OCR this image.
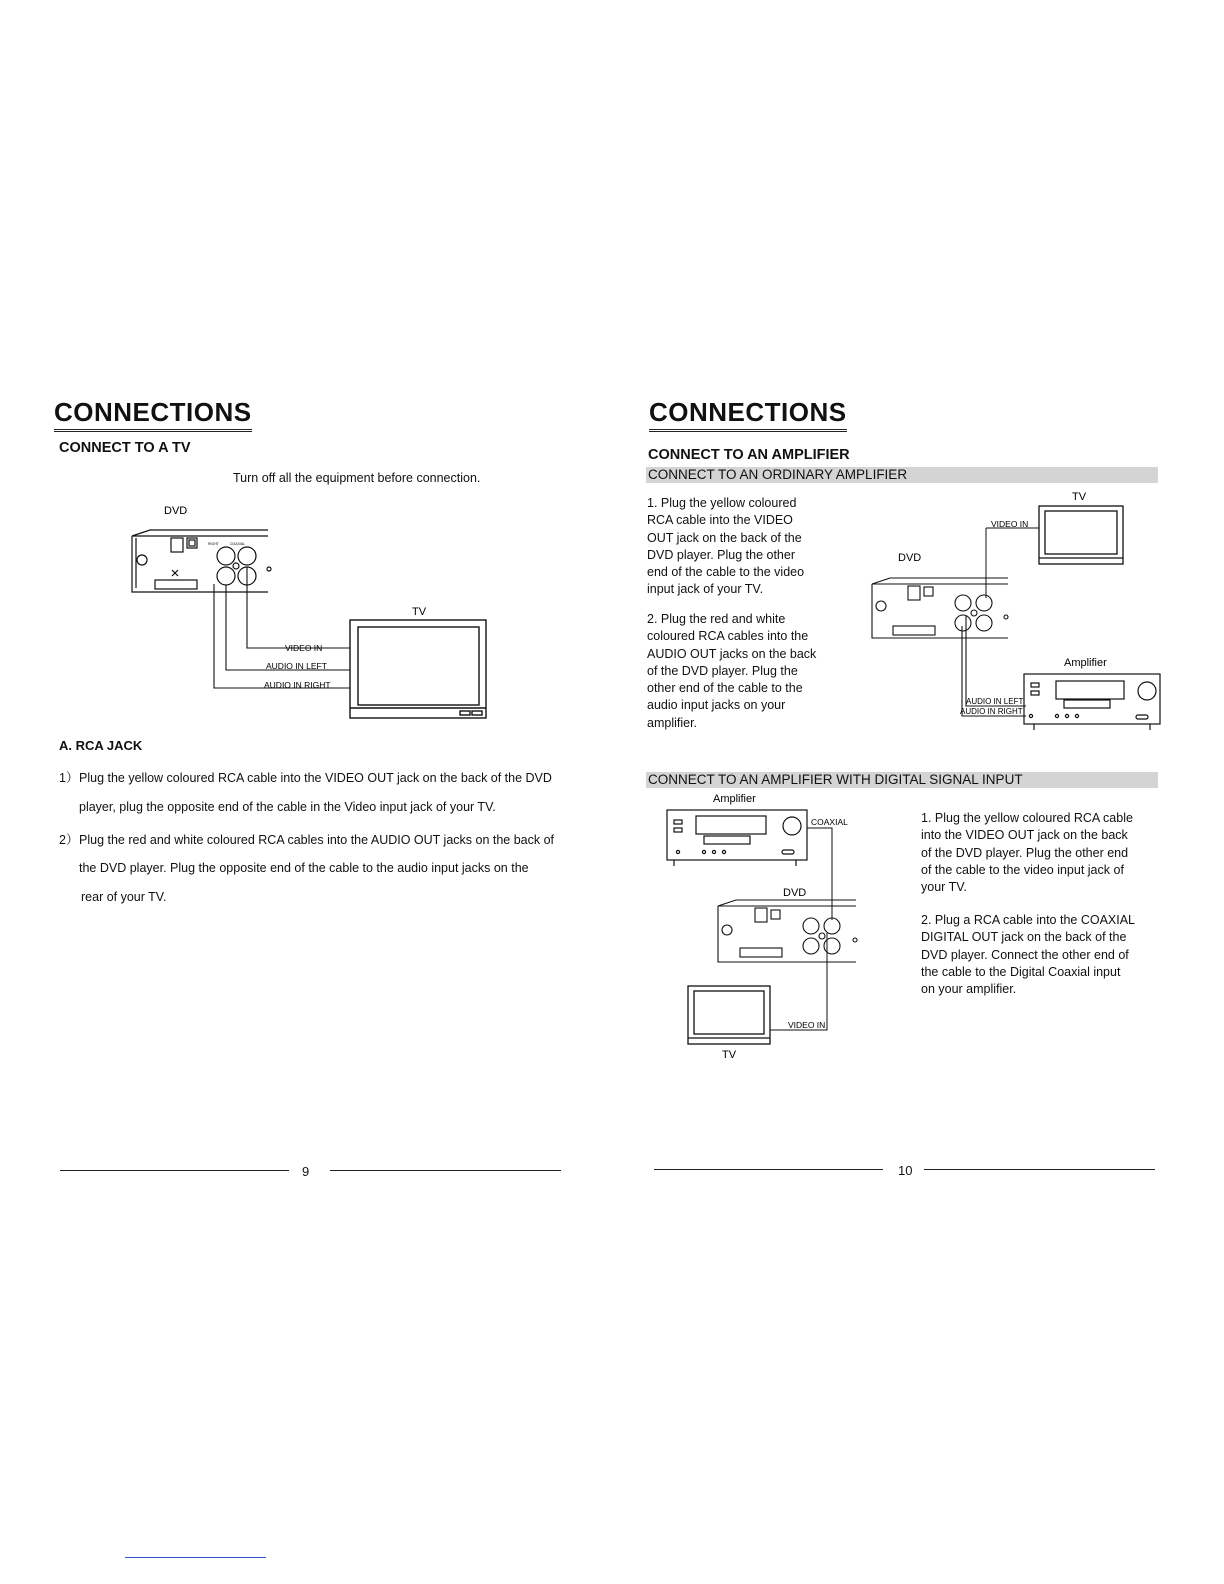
CONNECTIONS
CONNECT TO A TV
Turn off all the equipment before connection.
DVD
RIGHT	COAXIAL
VIDEO IN
AUDIO IN LEFT
AUDIO IN RIGHT
TV
A. RCA JACK
1） Plug the yellow coloured RCA cable into the VIDEO OUT jack on the back of the DVD
player, plug the opposite end of the cable in the Video input jack of your TV.
2） Plug the red and white coloured RCA cables into the AUDIO OUT jacks on the back of
the DVD player. Plug the opposite end of the cable to the audio input jacks on the
rear of your TV.
9
CONNECTIONS
CONNECT TO AN AMPLIFIER
CONNECT TO AN ORDINARY AMPLIFIER
1. Plug the yellow coloured
RCA cable into the VIDEO
OUT jack on the back of the
DVD player. Plug the other
end of the cable to the video
input jack of your TV.
2. Plug the red and white
coloured RCA cables into the
AUDIO OUT jacks on the back
of the DVD player. Plug the
other end of the cable to the
audio input jacks on your
amplifier.
TV
VIDEO IN
DVD
AUDIO IN LEFT
AUDIO IN RIGHT
Amplifier
CONNECT TO AN AMPLIFIER WITH DIGITAL SIGNAL INPUT
Amplifier
COAXIAL
DVD
VIDEO IN
TV
1. Plug the yellow coloured RCA cable
into the VIDEO OUT jack on the back
of the DVD player. Plug the other end
of the cable to the video input jack of
your TV.
2. Plug a RCA cable into the COAXIAL
DIGITAL OUT jack on the back of the
DVD player. Connect the other end of
the cable to the Digital Coaxial input
on your amplifier.
10
